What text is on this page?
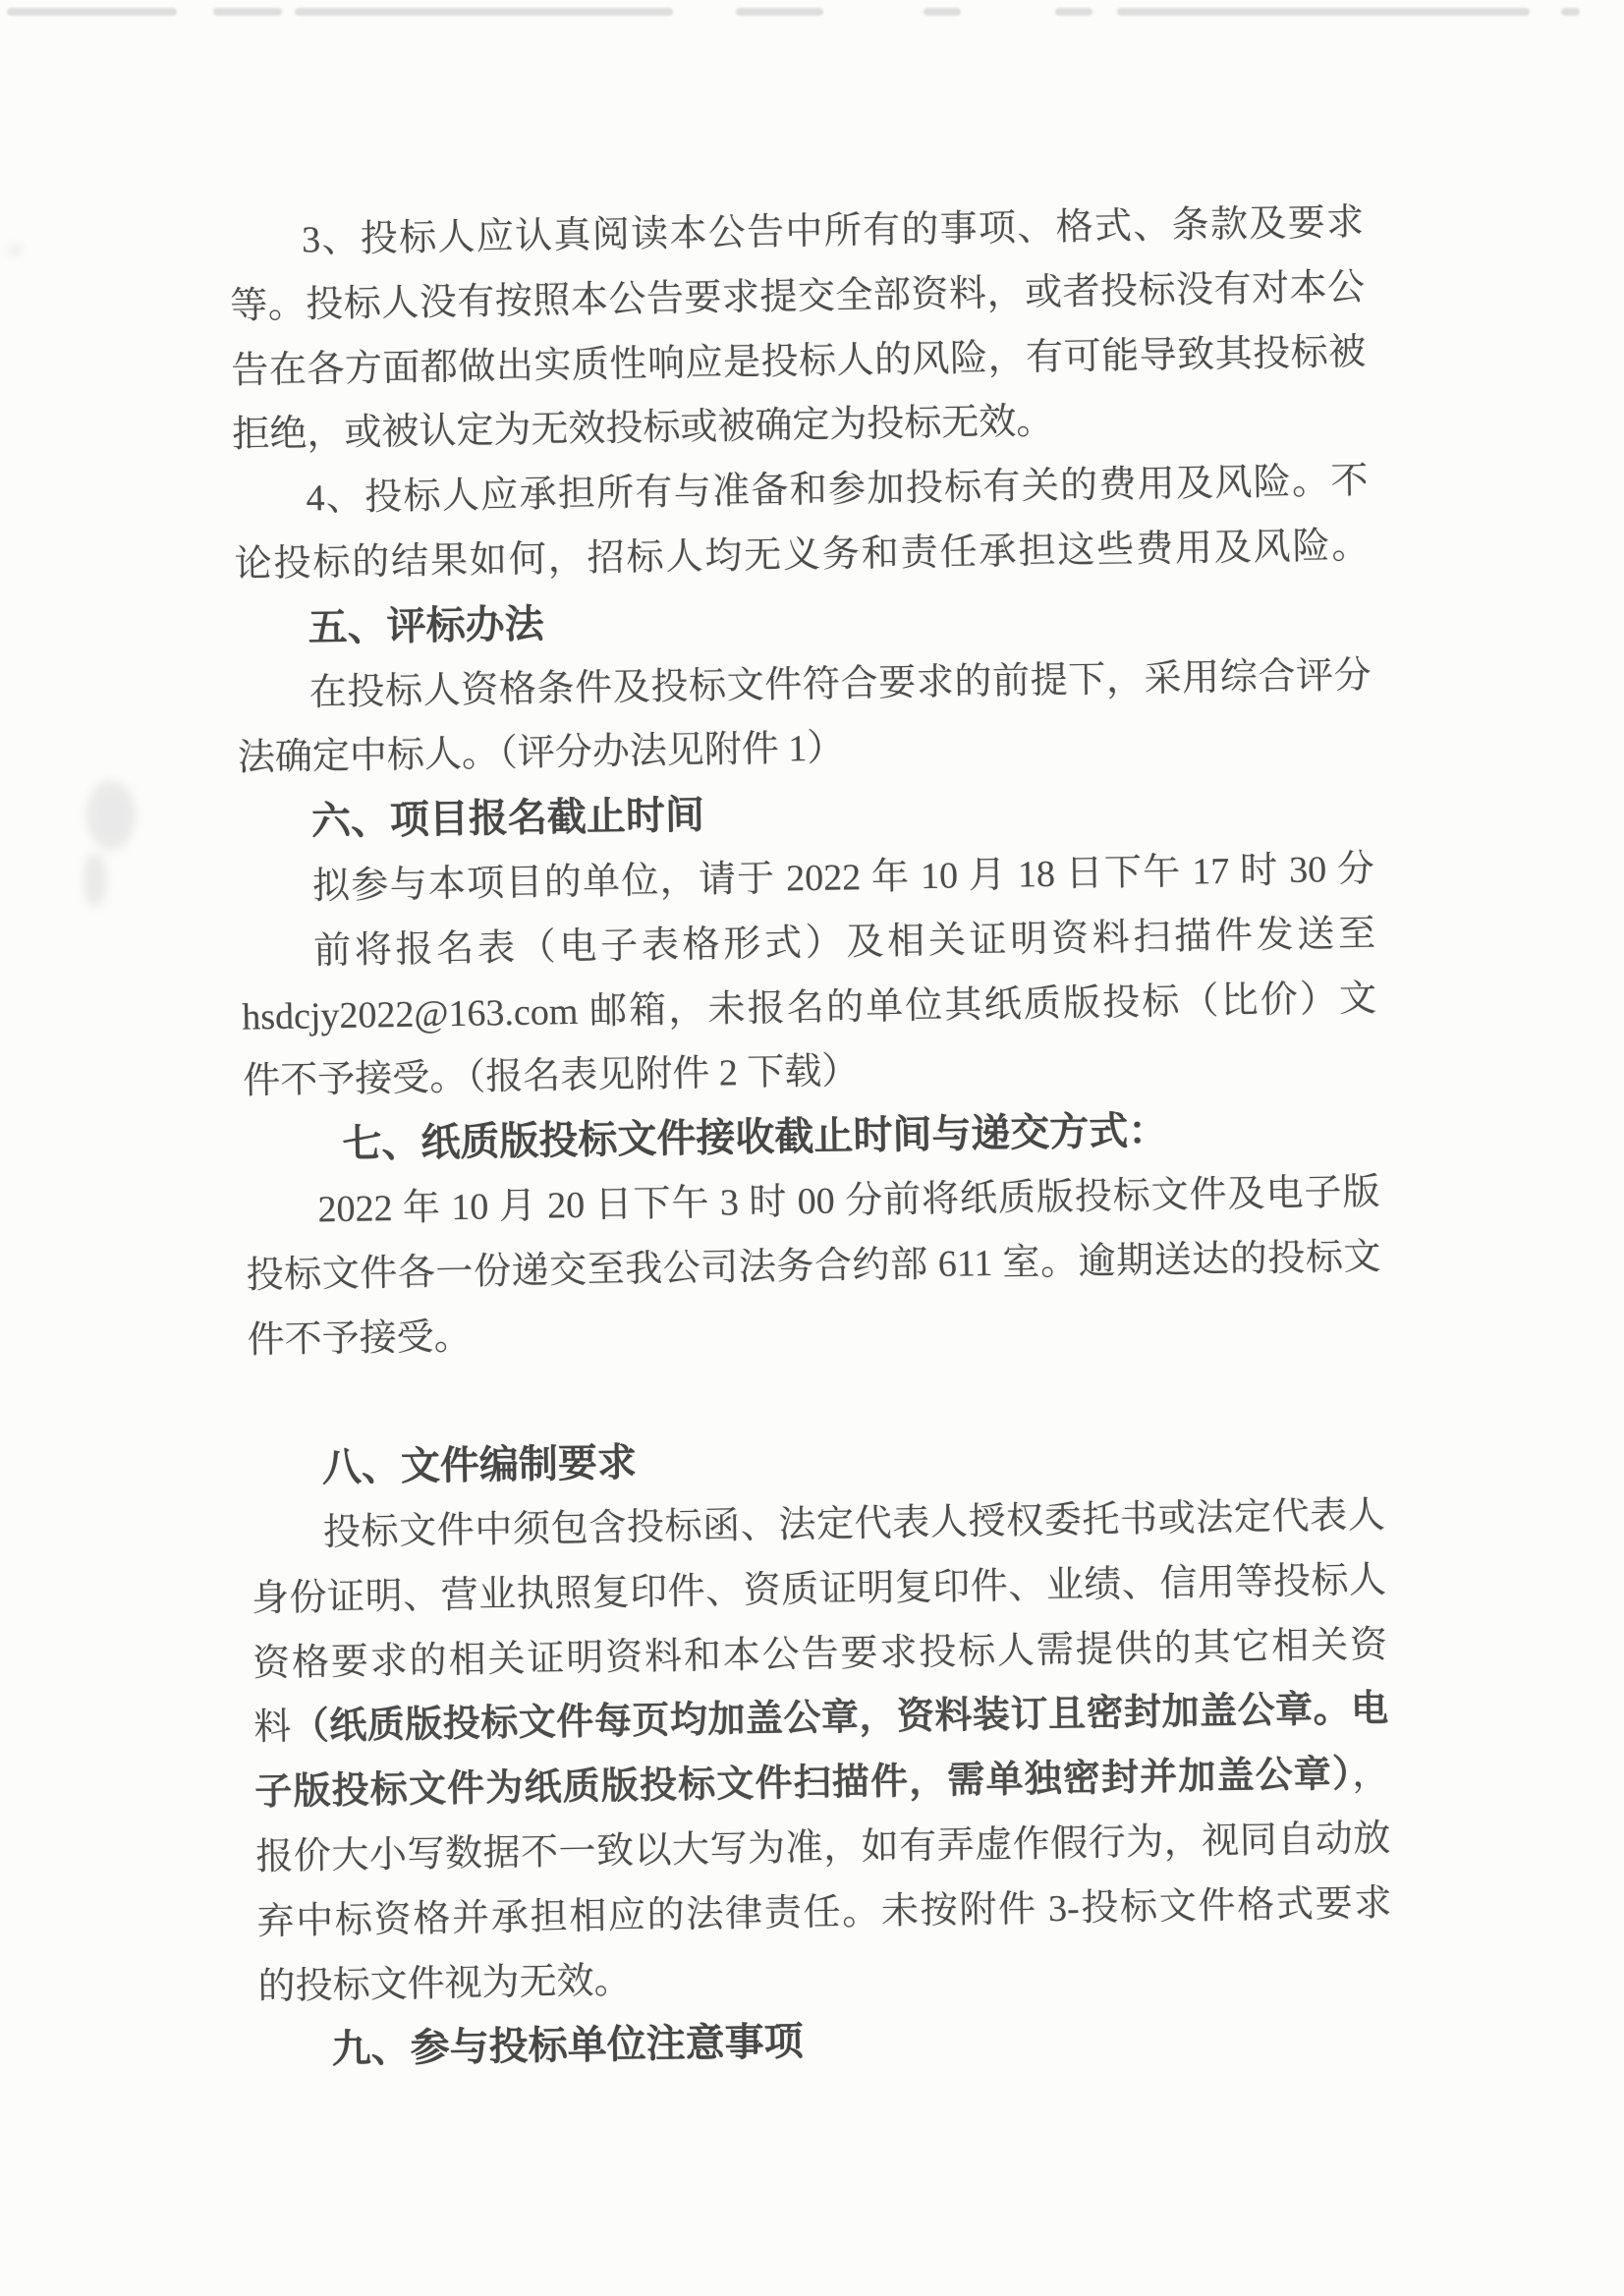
3、投标人应认真阅读本公告中所有的事项、格式、条款及要求
等。投标人没有按照本公告要求提交全部资料，或者投标没有对本公
告在各方面都做出实质性响应是投标人的风险，有可能导致其投标被
拒绝，或被认定为无效投标或被确定为投标无效。
4、投标人应承担所有与准备和参加投标有关的费用及风险。不
论投标的结果如何，招标人均无义务和责任承担这些费用及风险。
五、评标办法
在投标人资格条件及投标文件符合要求的前提下，采用综合评分
法确定中标人。（评分办法见附件 1）
六、项目报名截止时间
拟参与本项目的单位，请于 2022 年 10 月 18 日下午 17 时 30 分
前将报名表（电子表格形式）及相关证明资料扫描件发送至
hsdcjy2022@163.com 邮箱，未报名的单位其纸质版投标（比价）文
件不予接受。（报名表见附件 2 下载）
七、纸质版投标文件接收截止时间与递交方式：
2022 年 10 月 20 日下午 3 时 00 分前将纸质版投标文件及电子版
投标文件各一份递交至我公司法务合约部 611 室。逾期送达的投标文
件不予接受。
八、文件编制要求
投标文件中须包含投标函、法定代表人授权委托书或法定代表人
身份证明、营业执照复印件、资质证明复印件、业绩、信用等投标人
资格要求的相关证明资料和本公告要求投标人需提供的其它相关资
料（纸质版投标文件每页均加盖公章，资料装订且密封加盖公章。电
子版投标文件为纸质版投标文件扫描件，需单独密封并加盖公章），
报价大小写数据不一致以大写为准，如有弄虚作假行为，视同自动放
弃中标资格并承担相应的法律责任。未按附件 3-投标文件格式要求
的投标文件视为无效。
九、参与投标单位注意事项
